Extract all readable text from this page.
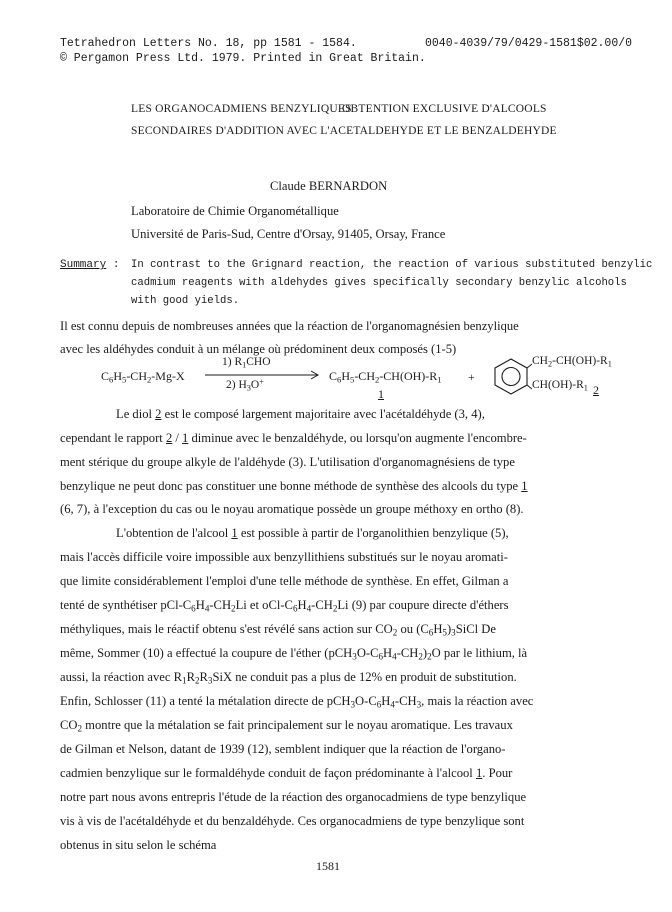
Tetrahedron Letters No. 18, pp 1581 - 1584.	0040-4039/79/0429-1581$02.00/0
© Pergamon Press Ltd. 1979. Printed in Great Britain.
LES ORGANOCADMIENS BENZYLIQUES
OBTENTION EXCLUSIVE D'ALCOOLS
SECONDAIRES D'ADDITION AVEC L'ACETALDEHYDE ET LE BENZALDEHYDE
Claude BERNARDON
Laboratoire de Chimie Organométallique
Université de Paris-Sud, Centre d'Orsay, 91405, Orsay, France
Summary : In contrast to the Grignard reaction, the reaction of various substituted benzylic
cadmium reagents with aldehydes gives specifically secondary benzylic alcohols
with good yields.
Il est connu depuis de nombreuses années que la réaction de l'organomagnésien benzylique
avec les aldéhydes conduit à un mélange où prédominent deux composés (1-5)
$C_6H_5-CH_2-Mg-X$
1) $R_1CHO$
2) $H_3O^+$	$C_6H_5-CH_2-CH(OH)-R_1$
1
+
$CH_2-CH(OH)-R_1$
$CH(OH)-R_1$ 2
Le diol 2 est le composé largement majoritaire avec l'acétaldéhyde (3, 4),
cependant le rapport 2 / 1 diminue avec le benzaldéhyde, ou lorsqu'on augmente l'encombre-
ment stérique du groupe alkyle de l'aldéhyde (3). L'utilisation d'organomagnésiens de type
benzylique ne peut donc pas constituer une bonne méthode de synthèse des alcools du type 1
(6, 7), à l'exception du cas ou le noyau aromatique possède un groupe méthoxy en ortho (8).
L'obtention de l'alcool 1 est possible à partir de l'organolithien benzylique (5),
mais l'accès difficile voire impossible aux benzyllithiens substitués sur le noyau aromati-
que limite considérablement l'emploi d'une telle méthode de synthèse. En effet, Gilman a
tenté de synthétiser pCl-$C_6H_4-CH_2Li$ et oCl-$C_6H_4-CH_2Li$ (9) par coupure directe d'éthers
méthyliques, mais le réactif obtenu s'est révélé sans action sur $CO_2$ ou $(C_6H_5)_3SiCl$ De
même, Sommer (10) a effectué la coupure de l'éther $(pCH_3O-C_6H_4-CH_2)_2O$ par le lithium, là
aussi, la réaction avec $R_1R_2R_3SiX$ ne conduit pas a plus de 12% en produit de substitution.
Enfin, Schlosser (11) a tenté la métalation directe de $pCH_3O-C_6H_4-CH_3$, mais la réaction avec
$CO_2$ montre que la métalation se fait principalement sur le noyau aromatique. Les travaux
de Gilman et Nelson, datant de 1939 (12), semblent indiquer que la réaction de l'organo-
cadmien benzylique sur le formaldéhyde conduit de façon prédominante à l'alcool 1. Pour
notre part nous avons entrepris l'étude de la réaction des organocadmiens de type benzylique
vis à vis de l'acétaldéhyde et du benzaldéhyde. Ces organocadmiens de type benzylique sont
obtenus in situ selon le schéma
1581
